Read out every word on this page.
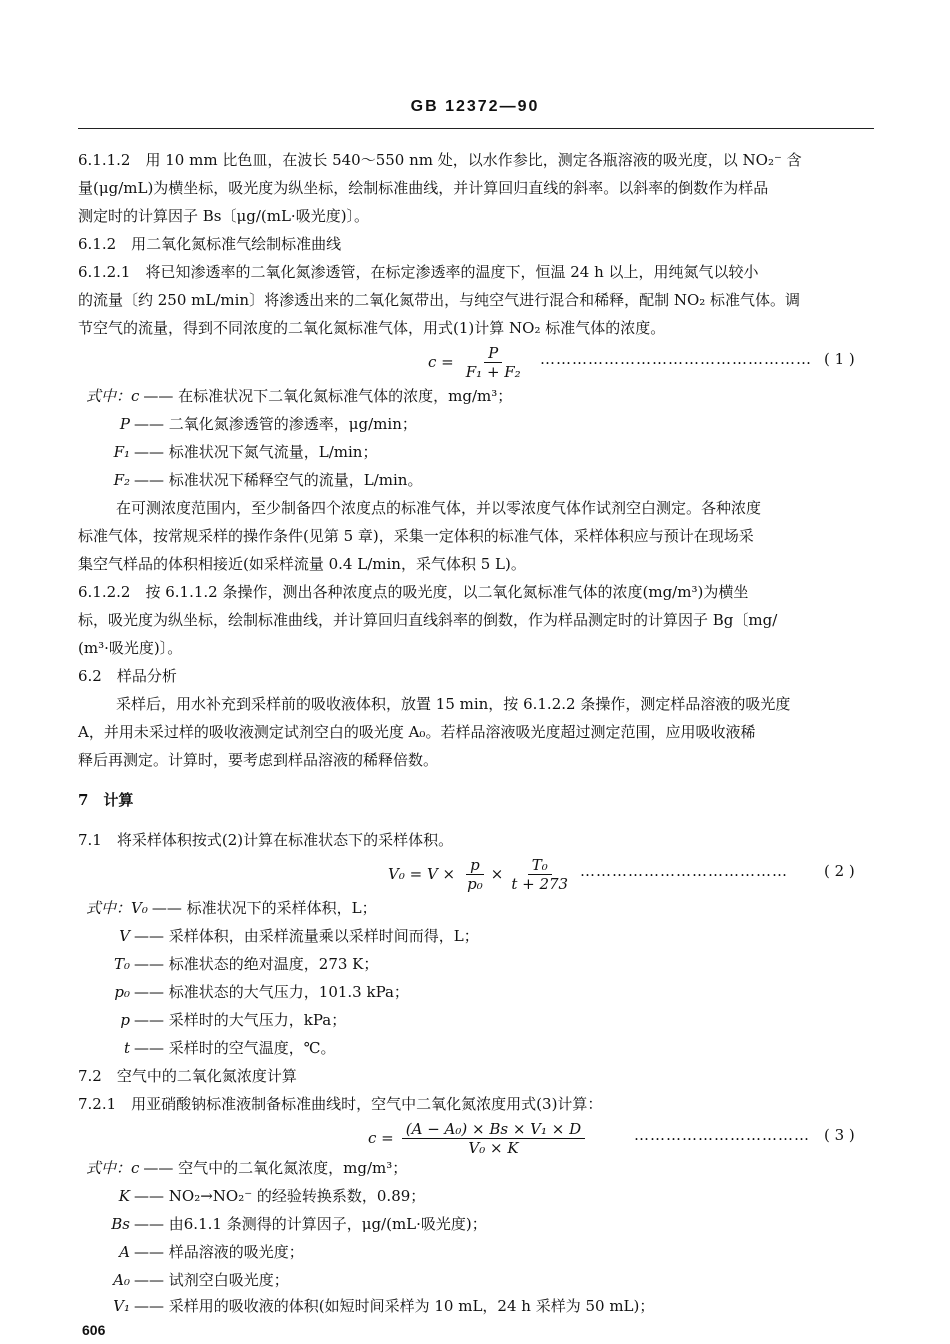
GB 12372—90
6.1.1.2　用 10 mm 比色皿，在波长 540～550 nm 处，以水作参比，测定各瓶溶液的吸光度，以 NO₂⁻ 含
量(μg/mL)为横坐标，吸光度为纵坐标，绘制标准曲线，并计算回归直线的斜率。以斜率的倒数作为样品
测定时的计算因子 Bs〔μg/(mL·吸光度)〕。
6.1.2　用二氧化氮标准气绘制标准曲线
6.1.2.1　将已知渗透率的二氧化氮渗透管，在标定渗透率的温度下，恒温 24 h 以上，用纯氮气以较小
的流量〔约 250 mL/min〕将渗透出来的二氧化氮带出，与纯空气进行混合和稀释，配制 NO₂ 标准气体。调
节空气的流量，得到不同浓度的二氧化氮标准气体，用式(1)计算 NO₂ 标准气体的浓度。
$c = \frac{P}{\text{F₁ + F₂}}$ …………………………………………… ( 1 )
式中：c —— 在标准状况下二氧化氮标准气体的浓度，mg/m³；
P —— 二氧化氮渗透管的渗透率，μg/min；
F₁ —— 标准状况下氮气流量，L/min；
F₂ —— 标准状况下稀释空气的流量，L/min。
在可测浓度范围内，至少制备四个浓度点的标准气体，并以零浓度气体作试剂空白测定。各种浓度
标准气体，按常规采样的操作条件(见第 5 章)，采集一定体积的标准气体，采样体积应与预计在现场采
集空气样品的体积相接近(如采样流量 0.4 L/min，采气体积 5 L)。
6.1.2.2　按 6.1.1.2 条操作，测出各种浓度点的吸光度，以二氧化氮标准气体的浓度(mg/m³)为横坐
标，吸光度为纵坐标，绘制标准曲线，并计算回归直线斜率的倒数，作为样品测定时的计算因子 Bg〔mg/
(m³·吸光度)〕。
6.2　样品分析
采样后，用水补充到采样前的吸收液体积，放置 15 min，按 6.1.2.2 条操作，测定样品溶液的吸光度
A，并用未采过样的吸收液测定试剂空白的吸光度 A₀。若样品溶液吸光度超过测定范围，应用吸收液稀
释后再测定。计算时，要考虑到样品溶液的稀释倍数。
7　计算
7.1　将采样体积按式(2)计算在标准状态下的采样体积。
$V_0 = V \times \frac{p}{\text{p₀}} \times \frac{\text{T₀}}{t + 273}$ ………………………………… ( 2 )
式中：V₀ —— 标准状况下的采样体积，L；
V —— 采样体积，由采样流量乘以采样时间而得，L；
T₀ —— 标准状态的绝对温度，273 K；
p₀ —— 标准状态的大气压力，101.3 kPa；
p —— 采样时的大气压力，kPa；
t —— 采样时的空气温度，℃。
7.2　空气中的二氧化氮浓度计算
7.2.1　用亚硝酸钠标准液制备标准曲线时，空气中二氧化氮浓度用式(3)计算：
$c = \frac{\text{(A − A₀) × Bs × V₁ × D}}{\text{V₀ × K}}$	…………………………… ( 3 )
式中：c —— 空气中的二氧化氮浓度，mg/m³；
K —— NO₂→NO₂⁻ 的经验转换系数，0.89；
Bs —— 由6.1.1 条测得的计算因子，μg/(mL·吸光度)；
A —— 样品溶液的吸光度；
A₀ —— 试剂空白吸光度；
V₁ —— 采样用的吸收液的体积(如短时间采样为 10 mL，24 h 采样为 50 mL)；
606
